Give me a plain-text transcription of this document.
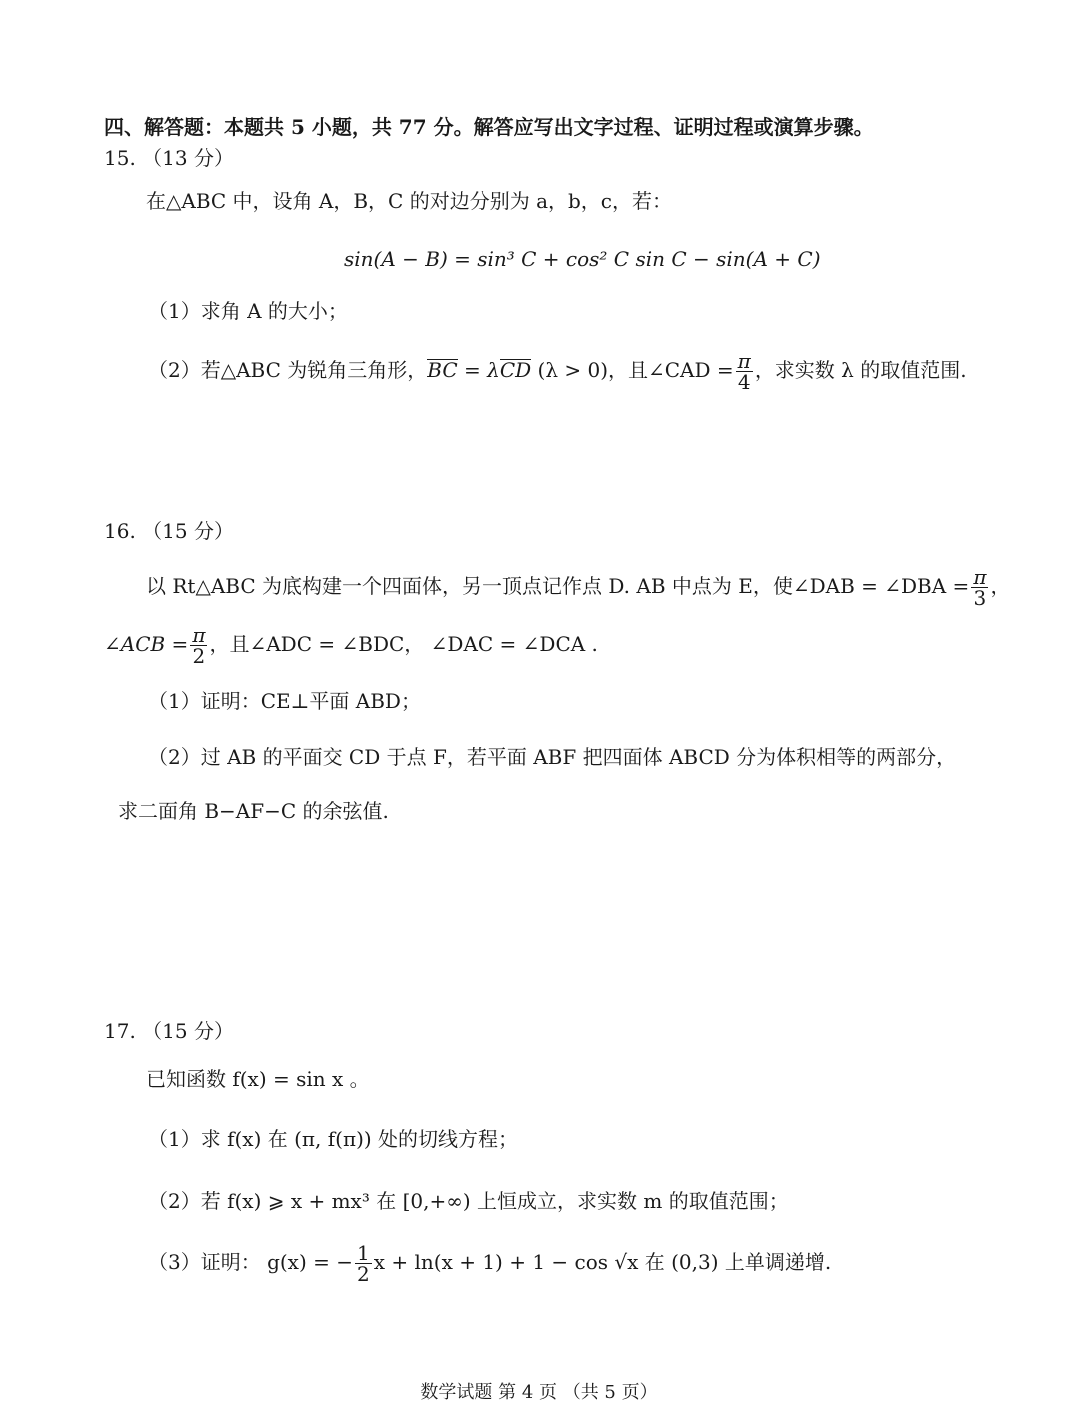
四、解答题：本题共 5 小题，共 77 分。解答应写出文字过程、证明过程或演算步骤。
15. （13 分）
在△ABC 中，设角 A，B，C 的对边分别为 a，b，c，若：
sin(A − B) = sin³ C + cos² C sin C − sin(A + C)
（1）求角 A 的大小；
（2）若△ABC 为锐角三角形，BC = λCD (λ > 0)，且∠CAD = $\frac{\pi}{4}$ ，求实数 λ 的取值范围.
16. （15 分）
以 Rt△ABC 为底构建一个四面体，另一顶点记作点 D. AB 中点为 E，使∠DAB = ∠DBA = $\frac{\pi}{3}$ ，
∠ACB = $\frac{\pi}{2}$ ，且∠ADC = ∠BDC， ∠DAC = ∠DCA .
（1）证明：CE⊥平面 ABD；
（2）过 AB 的平面交 CD 于点 F，若平面 ABF 把四面体 ABCD 分为体积相等的两部分，
求二面角 B−AF−C 的余弦值.
17. （15 分）
已知函数 f(x) = sin x 。
（1）求 f(x) 在 (π, f(π)) 处的切线方程；
（2）若 f(x) ⩾ x + mx³ 在 [0,+∞) 上恒成立，求实数 m 的取值范围；
（3）证明： g(x) = − $\frac{1}{2}$ x + ln(x + 1) + 1 − cos √x 在 (0,3) 上单调递增.
数学试题 第 4 页 （共 5 页）
